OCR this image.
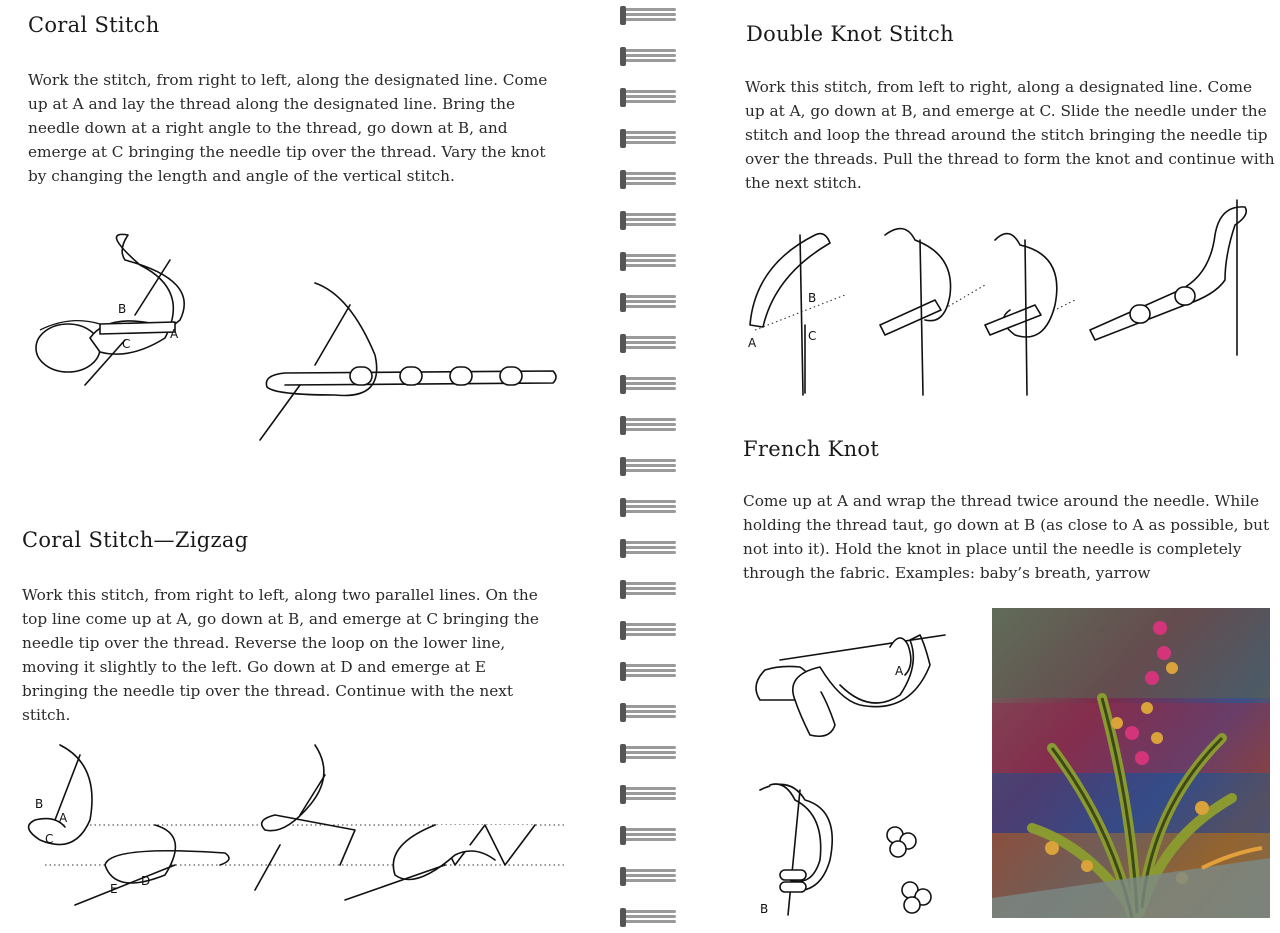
Coral Stitch

Work the stitch, from right to left, along the designated line. Come up at A and lay the thread along the designated line. Bring the needle down at a right angle to the thread, go down at B, and emerge at C bringing the needle tip over the thread. Vary the knot by changing the length and angle of the vertical stitch.

B
A
C
Coral Stitch—Zigzag

Work this stitch, from right to left, along two parallel lines. On the top line come up at A, go down at B, and emerge at C bringing the needle tip over the thread. Reverse the loop on the lower line, moving it slightly to the left. Go down at D and emerge at E bringing the needle tip over the thread. Continue with the next stitch.

B
A
C
E
D
Double Knot Stitch

Work this stitch, from left to right, along a designated line. Come up at A, go down at B, and emerge at C. Slide the needle under the stitch and loop the thread around the stitch bringing the needle tip over the threads. Pull the thread to form the knot and continue with the next stitch.

B
A	C
French Knot

Come up at A and wrap the thread twice around the needle. While holding the thread taut, go down at B (as close to A as possible, but not into it). Hold the knot in place until the needle is completely through the fabric. Examples: baby’s breath, yarrow

A
B
